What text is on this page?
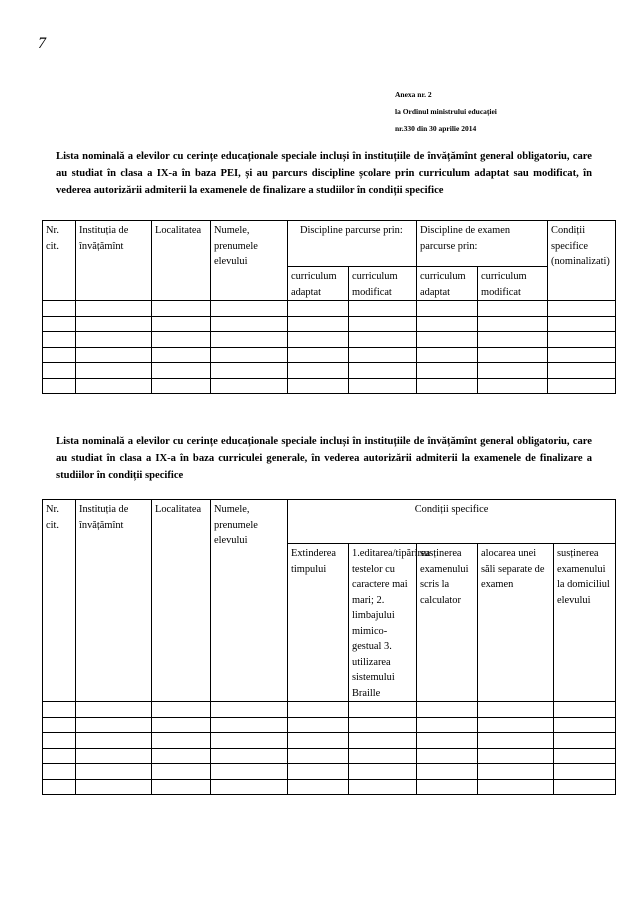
7
Anexa nr. 2
la Ordinul ministrului educației
nr.330 din 30 aprilie 2014

Lista nominală a elevilor cu cerințe educaționale speciale incluși în instituțiile de învățămînt general obligatoriu, care au studiat în clasa a IX-a în baza PEI, și au parcurs discipline școlare prin curriculum adaptat sau modificat, în vederea autorizării admiterii la examenele de finalizare a studiilor în condiții specifice

Nr. cit.	Instituția de învățămînt	Localitatea	Numele, prenumele elevului	Discipline parcurse prin:		Discipline de examen parcurse prin:		Condiții specifice (nominalizati)
				curriculum adaptat	curriculum modificat	curriculum adaptat	curriculum modificat	

Lista nominală a elevilor cu cerințe educaționale speciale incluși în instituțiile de învățămînt general obligatoriu, care au studiat în clasa a IX-a în baza curriculei generale, în vederea autorizării admiterii la examenele de finalizare a studiilor în condiții specifice

Nr. cit.	Instituția de învățămînt	Localitatea	Numele, prenumele elevului	Condiții specifice				
				Extinderea timpului	1.editarea/tipărirea testelor cu caractere mai mari; 2. limbajului mimico-gestual 3. utilizarea sistemului Braille	susținerea examenului scris la calculator	alocarea unei săli separate de examen	susținerea examenului la domiciliul elevului
